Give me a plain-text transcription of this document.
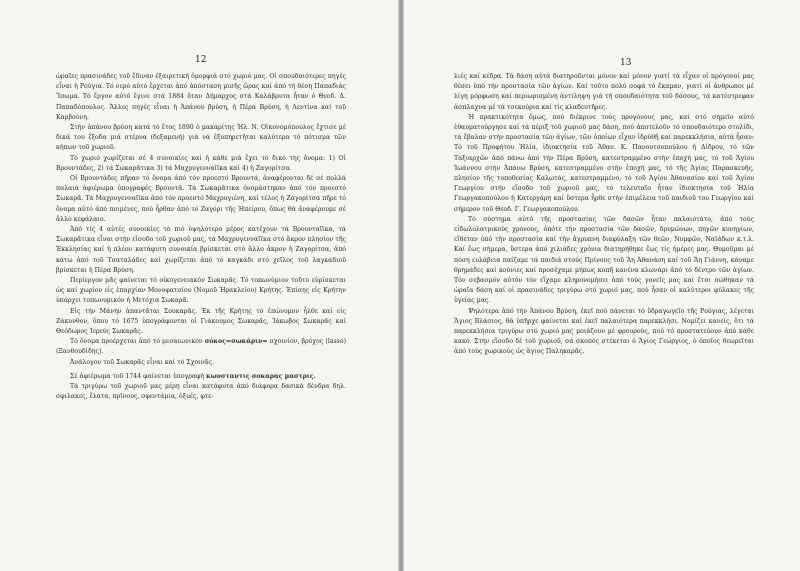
12

ὡραῖες πρασινάδες τοῦ ἔδιναν ἐξαιρετική ὀμορφιά στό χωριό μας. Οἱ σπουδαιότερες πηγές εἶναι ἡ Ρούγια. Τό νερό αὐτό ἔρχεται ἀπό ἀπόσταση μισῆς ὥρας καί ἀπό τή θέση Παπαδιάς Ἴσωμα. Τό ἔργον αὐτό ἔγινε στά 1884 ὅταν Δήμαρχος στά Καλάβρυτα ἦταν ὁ Θεοδ. Δ. Παπαδόπουλος. Ἄλλες πηγές εἶναι ἡ Ἀπάνου βρύση, ἡ Πέρα Βρύση, ἡ Λεντίνα καί τοῦ Καρβούνη.

Στήν ἀπάνου βρύση κατά τό ἔτος 1890 ὁ μακαρίτης Ἠλ. Ν. Οἰκονομόπουλος ἔχτισε μέ δικά του ἔξοδα μιά στέρνα (δεξαμενή) γιά νά ἐξυπηρετῆται καλύτερα τό πότισμα τῶν κήπων τοῦ χωριοῦ.

Τό χωριό χωρίζεται σέ 4 συνοικίες καί ἡ κάθε μιά ἔχει τό δικό της ὄνομα: 1) Οἱ Βρουντάδες, 2) τά Σωκαρᾶτικα 3) τά Μαχρυγενναῖϊκα καί 4) ἡ Ζαγορίτσα.

Οἱ Βρουντάδες πῆραν τό ὄνομα ἀπό τόν προεστό Βρουντά, ἀναφέρονται δέ σέ πολλά παλαιά ἀφιέρωμα ὑπογραφές Βρουντᾶ. Τά Σωκαρᾶτικα ὀνομάστηκαν ἀπό τόν προεστό Σωκαρᾶ. Τά Μαχρυγενναῖϊκα ἀπό τόν προεστό Μαχρυγιένη, καί τέλος ἡ Ζαγορίτσα πῆρε τό ὄνομα αὐτό ἀπό ποιμένες, πού ἦρθαν ἀπό τό Ζαγόρι τῆς Ἠπείρου, ὅπως θά ἀναφέρουμε σέ ἄλλο κεφάλαιο.

Ἀπό τίς 4 αὐτές συνοικίες τό πιό ὑψηλότερο μέρος κατέχουν τά Βρουνταῖϊκα, τά Σωκαρᾶτικα εἶναι στήν εἴσοδο τοῦ χωριοῦ μας, τά Μαχρυγενναῖϊκα στό ἄκρον πλησίον τῆς Ἐκκλησίας καί ἡ πλέον κατάφυτη συνοικία βρίσκεται στό ἄλλο ἄκρον ἡ Ζαγορίτσα, ἀπό κάτω ἀπό τοῦ Τσαταλάδες καί χωρίζεται ἀπό τό καγκάδι στό χεῖλος τοῦ λαγκαδιοῦ βρίσκεται ἡ Πέρα Βρύση.

Περίεργον μᾶς φαίνεται τό οἰκογενειακόν Σωκαρᾶς. Τό τοπωνύμιον τοῦτο εὑρίσκεται ὡς καί χωρίον εἰς ἐπαρχίαν Μονοφατσίου (Νομοῦ Ἡρακλείου) Κρήτης. Ἐπίσης εἰς Κρήτην ὑπάρχει τοπωνυμικόν ἡ Μετόχια Σωκαρᾶ.

Εἰς τήν Μάνην ἀπαντᾶται Σουκαρᾶς. Ἐκ τῆς Κρήτης τό ἐπώνυμον ἦλθε καί εἰς Ζάκυνθον, ὅπου τό 1675 ὑπογράφονται οἱ Γιάκουμος Σωκαρᾶς, Ἰάκωβος Σωκαρᾶς καί Θεόδωρος Ἱερεύς Σωκαρᾶς.

Τό ὄνομα προέρχεται ἀπό τό μεσαιωνικόν σόκος=σωκάριν= σχοινίον, βρόχος (lasso) (Ξανθουδίδης).

Ἀνάλογον τοῦ Σωκαρᾶς εἶναι καί τό Σχοινᾶς.

Σέ ἀφιέρωμα τοῦ 1744 φαίνεται ὑπογραφή κωνσταντις σοκαρας μαστρις.

Τά τριγύρω τοῦ χωριοῦ μας μέρη εἶναι κατάφυτα ἀπό διάφορα δασικά δένδρα δηλ. σφιλακες, ἔλατα, πρῖνους, σφεντάμια, ὀξυές, φτε-

13

λιές καί κέδρα. Τά δάση αὐτά διατηροῦνται μόνον καί μόνον γιατί τά εἶχαν οἱ πρόγονοί μας θέσει ὑπό τήν προστασία τῶν ἁγίων. Καί τοῦτο πολύ σοφά τό ἔκαμαν, γιατί οἱ ἄνθρωποι μέ λίγη μόρφωση καί περιωρισμένη ἀντίληψη γιά τή σπουδαιότητα τοῦ δάσους, τά κατέστρεφαν ἀσπλαχνα μέ τά τσεκούρια καί τίς κλαδευτῆρες.

Ἡ πρακτικότητα ὅμως, πού διέκρινε τούς προγόνους μας, καί στό σημεῖο αὐτό ἐθαυματούργησε καί τά πέριξ τοῦ χωριοῦ μας δάση, πού ἀποτελοῦν τό σπουδαιότερο στολίδι, τά ἔβαλαν στήν προστασία τῶν ἁγίων, τῶν ὁποίων εἶχαν ἱδρύθῆ καί παρεκκλήσια, αὐτά ἦσαν: Τό τοῦ Προφήτου Ἠλία, ἰδιοκτησία τοῦ Ἀθαν. Κ. Πανουτσοπούλου ἡ Δίδρου, τό τῶν Ταξιαρχῶν ἀπό πάνω ἀπό τήν Πέρα Βρύση, κατεστραμμένο στήν ἐποχή μας, τό τοῦ Ἁγίου Ἰωάννου στήν Ἀπάνω Βρύση, κατεστραμμένο στήν ἐποχή μας, τό τῆς Ἁγίας Παρασκευῆς, πλησίον τῆς τοποθεσίας Καλωτάς, κατεστραμμένο, τό τοῦ Ἁγίου Ἀθανασίου καί τοῦ Ἁγίου Γεωργίου στήν εἴσοδο τοῦ χωριοῦ μας, τό τελευταῖο ἦταν ἰδιοκτησία τοῦ Ἠλία Γεωργακοπούλου ἡ Κατεργάρη καί ὕστερα ἦρθε στήν ἐπιμέλεια τοῦ παιδιοῦ του Γεωργίου καί σήμερον τοῦ Θεοδ. Γ. Γεωργακοπούλου.

Τό σύστημα αὐτό τῆς προστασίας τῶν δασῶν ἦταν παλαιότατο, ἀπό τούς εἰδωλολατρικούς χρόνους, ὁπότε τήν προστασία τῶν δασῶν, δρυμώνων, πηγῶν κυνηγίων, εἴθεταν ὑπό τήν προστασία καί τήν ἄγρυπνη διαφύλαξη τῶν θεῶν, Νυμφῶν, Ναϊάδων κ.τ.λ. Καί ἕως σήμερα, ὕστερα ἀπό χιλιάδες χρόνια διατηρήθηκε ἕως τίς ἡμέρες μας. Θυμοῦμαι μέ πόση ευλάβεια παίζαμε τά παιδιά στούς Πρίνους τοῦ Ἅη Ἀθανάση καί τοῦ Ἅη Γιάννη, κάναμε θρημάδες καί κούνιες καί προσέχαμε μήπως κοπῆ κανένα κλωνάρι ἀπό τό δέντρο τῶν ἁγίων. Τόν σεβασμόν αὐτόν τόν εἴχαμε κληρονομήσει ἀπό τούς γονεῖς μας καί ἔτσι σώθηκαν τά ὡραῖα δάση καί οἱ πρασινάδες τριγύρω στό χωριό μας, πού ἦσαν οἱ καλύτεροι φύλακες τῆς ὑγείας μας.

Ψηλότερα ἀπό τήν Ἀπάνου Βρύση, ἐκεῖ πού πάνεται τό ὕδραγωγεῖο τῆς Ρούγιας, λέγεται Ἅγιος Βλάσιος, θά ὑπῆρχε φαίνεται καί ἐκεῖ παλαιότερα παρεκκλήσι. Νομίζει κανείς, ὅτι τά παρεκκλήσια τριγύρω στό χωριό μας μοιάζουν μέ φρουρούς, πού τό προστατεύουν ἀπό κάθε κακό. Στήν εἴσοδο δέ τοῦ χωριοῦ, σά σκοπός στέκεται ὁ Ἅγιος Γεώργιος, ὁ ὁποῖος θεωρεῖται ἀπό τούς χωρικούς ὡς ἅγιος Παληκαρᾶς.
